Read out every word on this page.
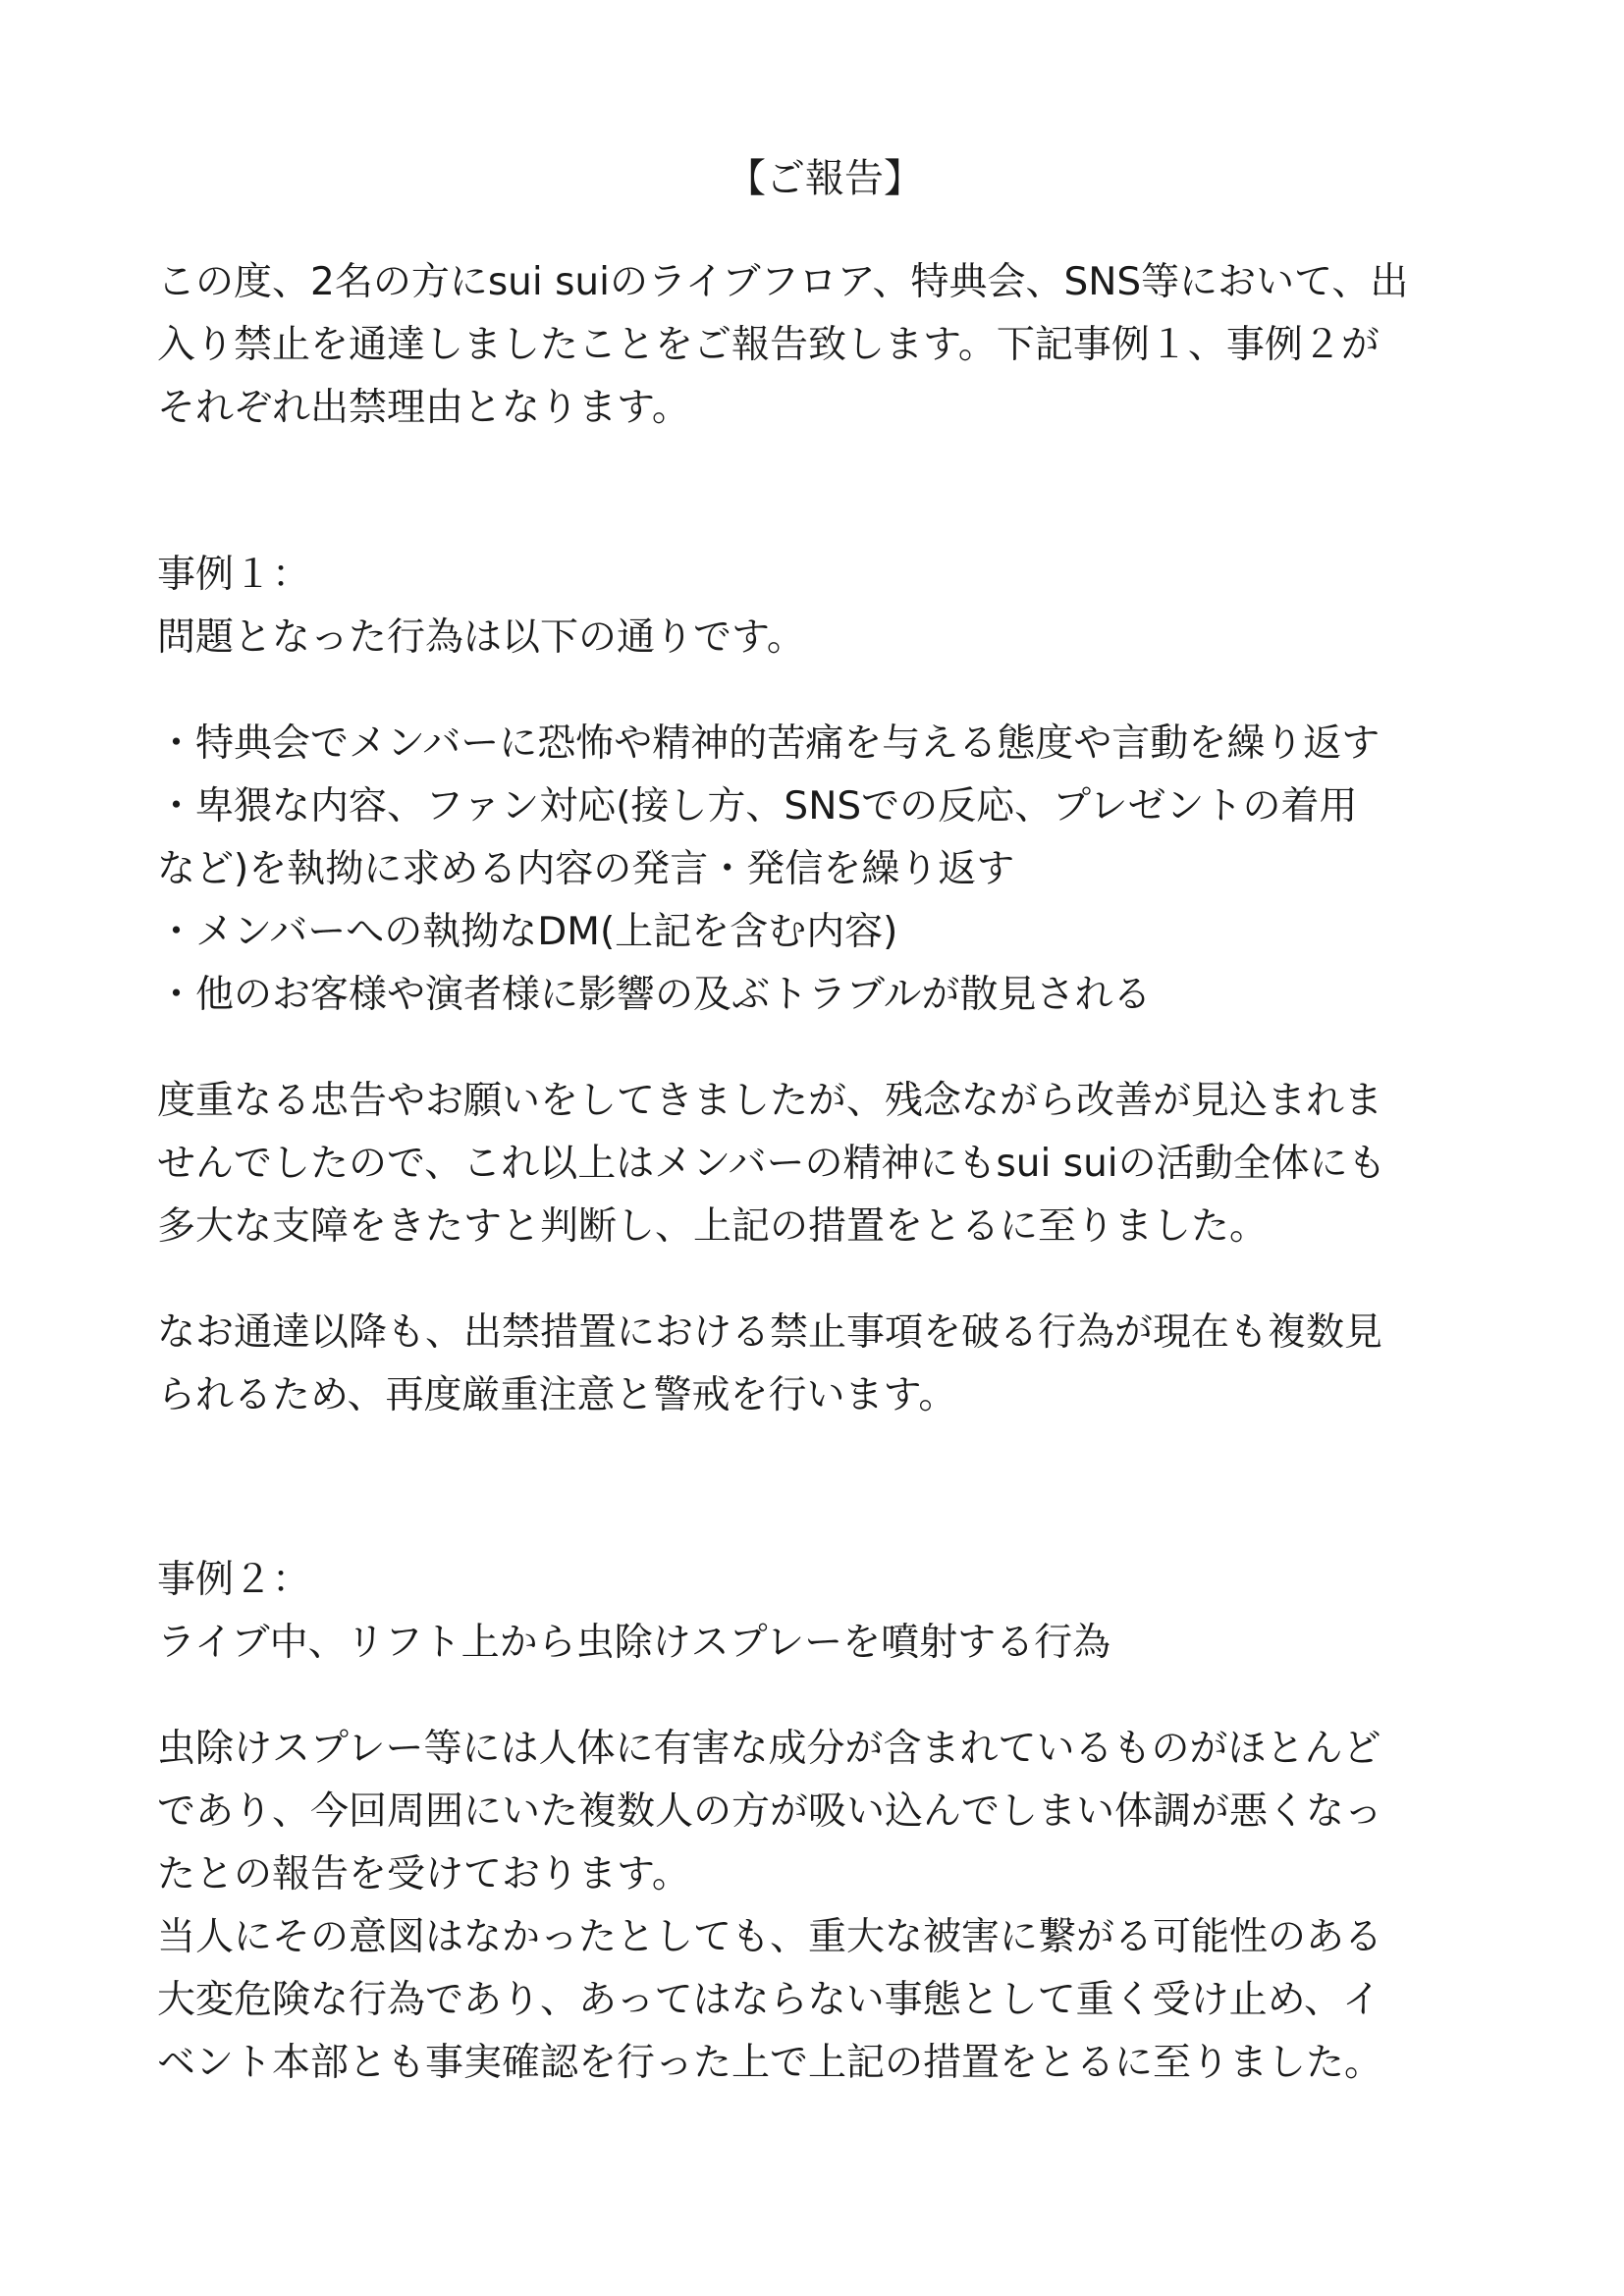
【ご報告】
この度、2名の方にsui suiのライブフロア、特典会、SNS等において、出
入り禁止を通達しましたことをご報告致します。下記事例１、事例２が
それぞれ出禁理由となります。
事例１：
問題となった行為は以下の通りです。
・特典会でメンバーに恐怖や精神的苦痛を与える態度や言動を繰り返す
・卑猥な内容、ファン対応(接し方、SNSでの反応、プレゼントの着用
など)を執拗に求める内容の発言・発信を繰り返す
・メンバーへの執拗なDM(上記を含む内容)
・他のお客様や演者様に影響の及ぶトラブルが散見される
度重なる忠告やお願いをしてきましたが、残念ながら改善が見込まれま
せんでしたので、これ以上はメンバーの精神にもsui suiの活動全体にも
多大な支障をきたすと判断し、上記の措置をとるに至りました。
なお通達以降も、出禁措置における禁止事項を破る行為が現在も複数見
られるため、再度厳重注意と警戒を行います。
事例２：
ライブ中、リフト上から虫除けスプレーを噴射する行為
虫除けスプレー等には人体に有害な成分が含まれているものがほとんど
であり、今回周囲にいた複数人の方が吸い込んでしまい体調が悪くなっ
たとの報告を受けております。
当人にその意図はなかったとしても、重大な被害に繋がる可能性のある
大変危険な行為であり、あってはならない事態として重く受け止め、イ
ベント本部とも事実確認を行った上で上記の措置をとるに至りました。
